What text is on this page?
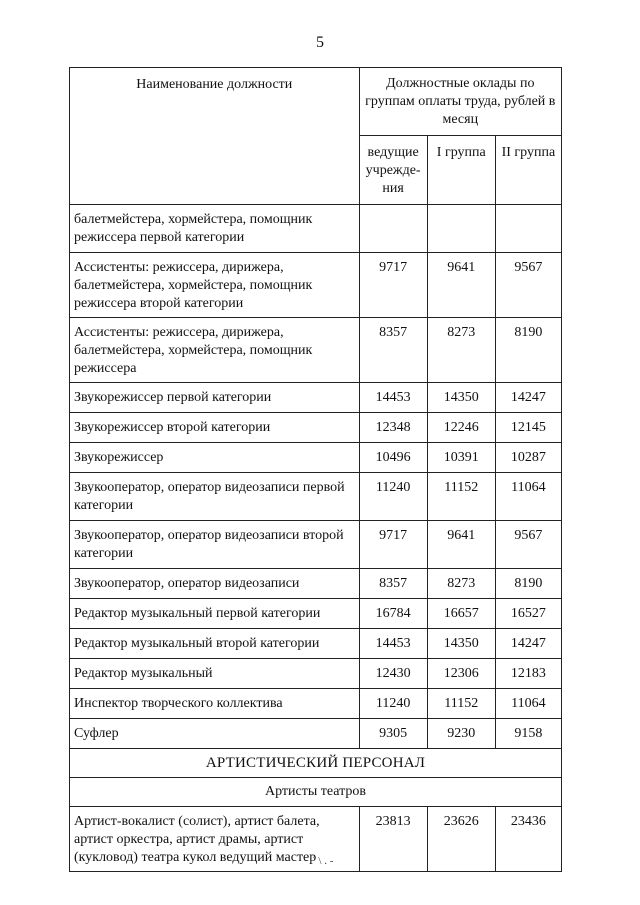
5
Наименование должности	Должностные оклады по группам оплаты труда, рублей в месяц		
	ведущие учрежде- ния	I группа	II группа
балетмейстера, хормейстера, помощник режиссера первой категории			
Ассистенты: режиссера, дирижера, балетмейстера, хормейстера, помощник режиссера второй категории	9717	9641	9567
Ассистенты: режиссера, дирижера, балетмейстера, хормейстера, помощник режиссера	8357	8273	8190
Звукорежиссер первой категории	14453	14350	14247
Звукорежиссер второй категории	12348	12246	12145
Звукорежиссер	10496	10391	10287
Звукооператор, оператор видеозаписи первой категории	11240	11152	11064
Звукооператор, оператор видеозаписи второй категории	9717	9641	9567
Звукооператор, оператор видеозаписи	8357	8273	8190
Редактор музыкальный первой категории	16784	16657	16527
Редактор музыкальный второй категории	14453	14350	14247
Редактор музыкальный	12430	12306	12183
Инспектор творческого коллектива	11240	11152	11064
Суфлер	9305	9230	9158
АРТИСТИЧЕСКИЙ ПЕРСОНАЛ			
Артисты театров			
Артист-вокалист (солист), артист балета, артист оркестра, артист драмы, артист (кукловод) театра кукол ведущий мастер	23813	23626	23436
ʿ \ . -
